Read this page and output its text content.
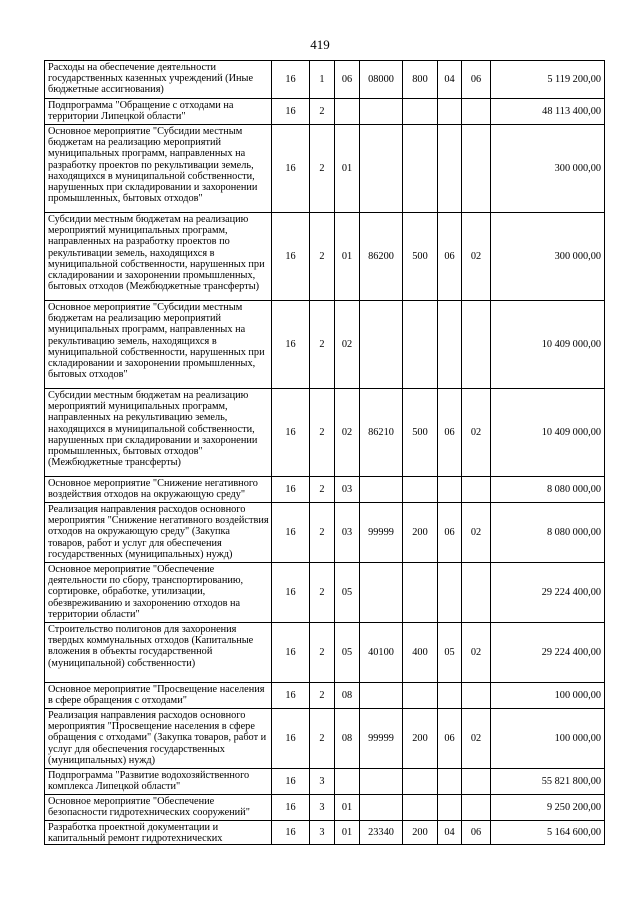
419
Расходы на обеспечение деятельности государственных казенных учреждений (Иные бюджетные ассигнования)	16	1	06	08000	800	04	06	5 119 200,00
Подпрограмма "Обращение с отходами на территории Липецкой области"	16	2						48 113 400,00
Основное мероприятие "Субсидии местным бюджетам на реализацию мероприятий муниципальных программ, направленных на разработку проектов по рекультивации земель, находящихся в муниципальной собственности, нарушенных при складировании и захоронении промышленных, бытовых отходов"	16	2	01					300 000,00
Субсидии местным бюджетам на реализацию мероприятий муниципальных программ, направленных на разработку проектов по рекультивации земель, находящихся в муниципальной собственности, нарушенных при складировании и захоронении промышленных, бытовых отходов (Межбюджетные трансферты)	16	2	01	86200	500	06	02	300 000,00
Основное мероприятие "Субсидии местным бюджетам на реализацию мероприятий муниципальных программ, направленных на рекультивацию земель, находящихся в муниципальной собственности, нарушенных при складировании и захоронении промышленных, бытовых отходов"	16	2	02					10 409 000,00
Субсидии местным бюджетам на реализацию мероприятий муниципальных программ, направленных на рекультивацию земель, находящихся в муниципальной собственности, нарушенных при складировании и захоронении промышленных, бытовых отходов" (Межбюджетные трансферты)	16	2	02	86210	500	06	02	10 409 000,00
Основное мероприятие "Снижение негативного воздействия отходов на окружающую среду"	16	2	03					8 080 000,00
Реализация направления расходов основного мероприятия "Снижение негативного воздействия отходов на окружающую среду" (Закупка товаров, работ и услуг для обеспечения государственных (муниципальных) нужд)	16	2	03	99999	200	06	02	8 080 000,00
Основное мероприятие "Обеспечение деятельности по сбору, транспортированию, сортировке, обработке, утилизации, обезвреживанию и захоронению отходов на территории области"	16	2	05					29 224 400,00
Строительство полигонов для захоронения твердых коммунальных отходов (Капитальные вложения в объекты государственной (муниципальной) собственности)	16	2	05	40100	400	05	02	29 224 400,00
Основное мероприятие "Просвещение населения в сфере обращения с отходами"	16	2	08					100 000,00
Реализация направления расходов основного мероприятия "Просвещение населения в сфере обращения с отходами" (Закупка товаров, работ и услуг для обеспечения государственных (муниципальных) нужд)	16	2	08	99999	200	06	02	100 000,00
Подпрограмма "Развитие водохозяйственного комплекса Липецкой области"	16	3						55 821 800,00
Основное мероприятие "Обеспечение безопасности гидротехнических сооружений"	16	3	01					9 250 200,00
Разработка проектной документации и капитальный ремонт гидротехнических	16	3	01	23340	200	04	06	5 164 600,00
